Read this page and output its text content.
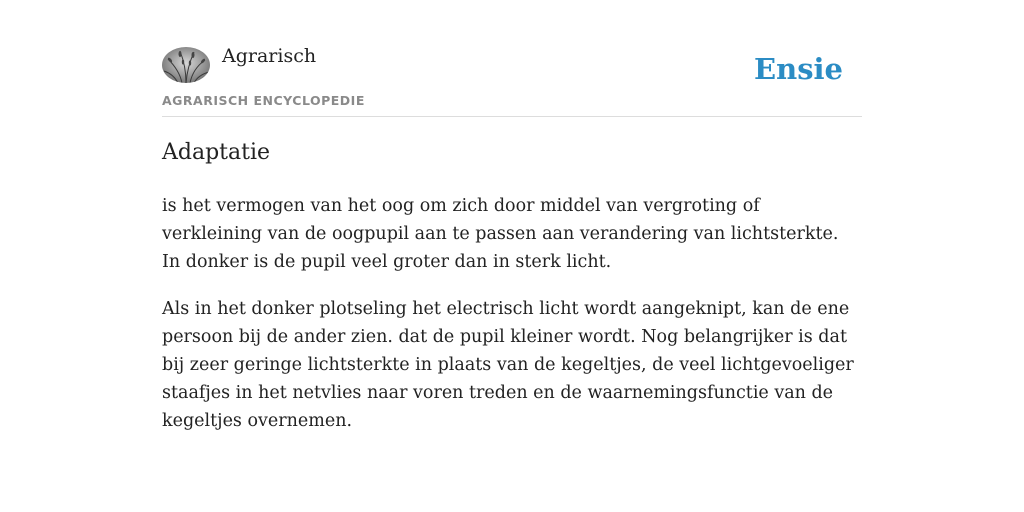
Agrarisch
AGRARISCH ENCYCLOPEDIE
Ensie
Adaptatie

is het vermogen van het oog om zich door middel van vergroting of verkleining van de oogpupil aan te passen aan verandering van lichtsterkte. In donker is de pupil veel groter dan in sterk licht.

Als in het donker plotseling het electrisch licht wordt aangeknipt, kan de ene persoon bij de ander zien. dat de pupil kleiner wordt. Nog belangrijker is dat bij zeer geringe lichtsterkte in plaats van de kegeltjes, de veel lichtgevoeliger staafjes in het netvlies naar voren treden en de waarnemingsfunctie van de kegeltjes overnemen.
